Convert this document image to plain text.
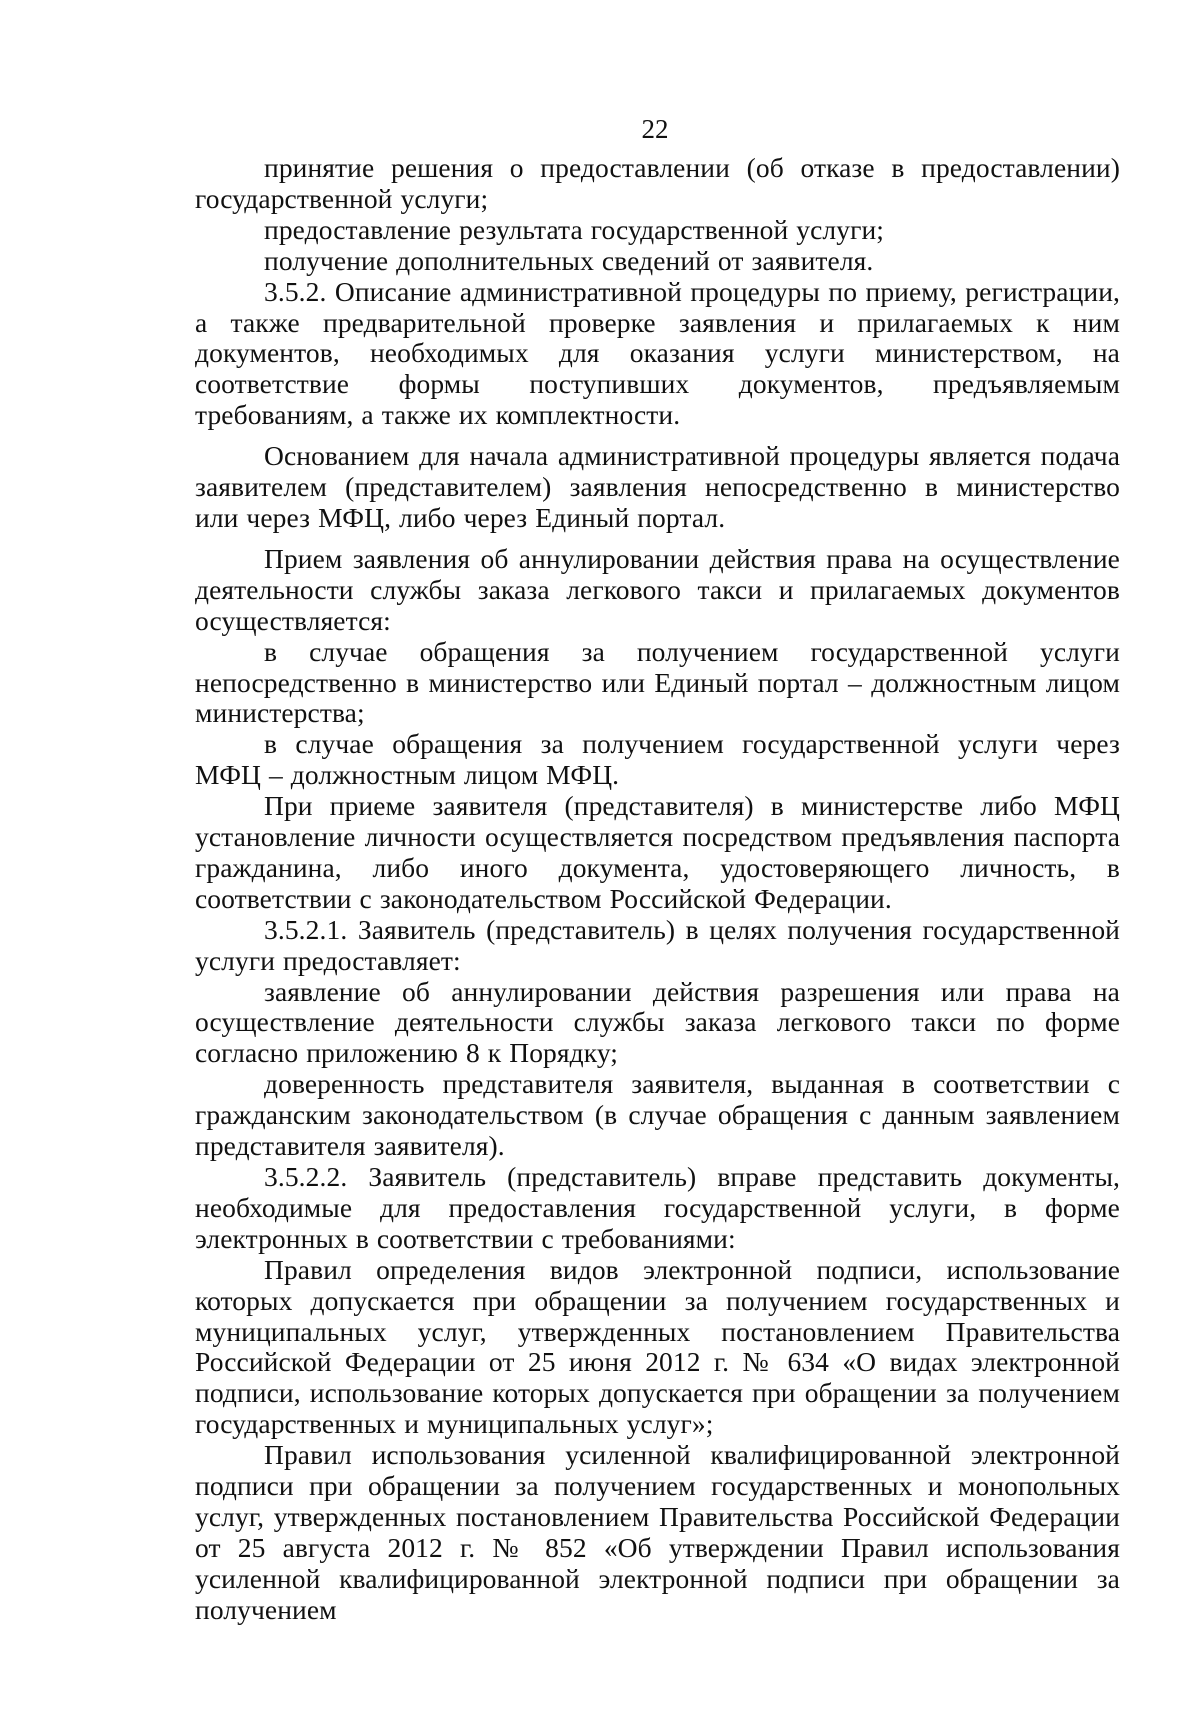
22

принятие решения о предоставлении (об отказе в предоставлении) государственной услуги;

предоставление результата государственной услуги;

получение дополнительных сведений от заявителя.

3.5.2. Описание административной процедуры по приему, регистрации, а также предварительной проверке заявления и прилагаемых к ним документов, необходимых для оказания услуги министерством, на соответствие формы поступивших документов, предъявляемым требованиям, а также их комплектности.

Основанием для начала административной процедуры является подача заявителем (представителем) заявления непосредственно в министерство или через МФЦ, либо через Единый портал.

Прием заявления об аннулировании действия права на осуществление деятельности службы заказа легкового такси и прилагаемых документов осуществляется:

в случае обращения за получением государственной услуги непосредственно в министерство или Единый портал – должностным лицом министерства;

в случае обращения за получением государственной услуги через МФЦ – должностным лицом МФЦ.

При приеме заявителя (представителя) в министерстве либо МФЦ установление личности осуществляется посредством предъявления паспорта гражданина, либо иного документа, удостоверяющего личность, в соответствии с законодательством Российской Федерации.

3.5.2.1. Заявитель (представитель) в целях получения государственной услуги предоставляет:

заявление об аннулировании действия разрешения или права на осуществление деятельности службы заказа легкового такси по форме согласно приложению 8 к Порядку;

доверенность представителя заявителя, выданная в соответствии с гражданским законодательством (в случае обращения с данным заявлением представителя заявителя).

3.5.2.2. Заявитель (представитель) вправе представить документы, необходимые для предоставления государственной услуги, в форме электронных в соответствии с требованиями:

Правил определения видов электронной подписи, использование которых допускается при обращении за получением государственных и муниципальных услуг, утвержденных постановлением Правительства Российской Федерации от 25 июня 2012 г. № 634 «О видах электронной подписи, использование которых допускается при обращении за получением государственных и муниципальных услуг»;

Правил использования усиленной квалифицированной электронной подписи при обращении за получением государственных и монопольных услуг, утвержденных постановлением Правительства Российской Федерации от 25 августа 2012 г. № 852 «Об утверждении Правил использования усиленной квалифицированной электронной подписи при обращении за получением
